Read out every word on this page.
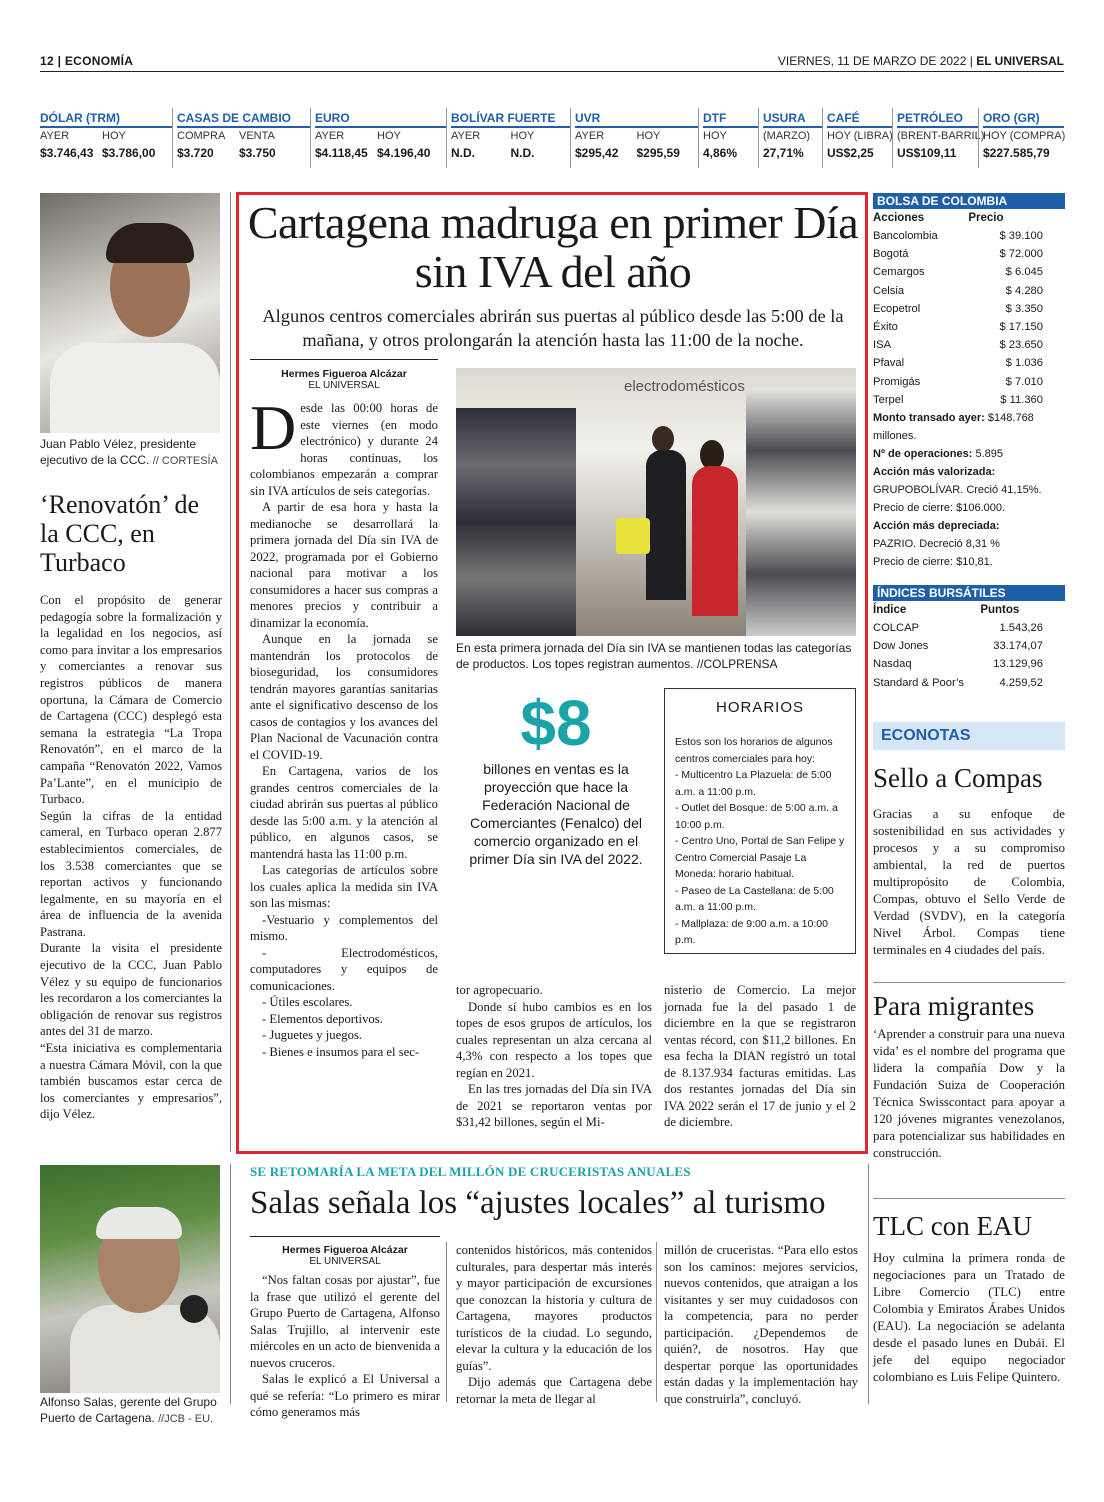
12 | ECONOMÍA	VIERNES, 11 DE MARZO DE 2022 | EL UNIVERSAL
DÓLAR (TRM)
AYER	HOY
$3.746,43 $3.786,00
CASAS DE CAMBIO
COMPRA	VENTA
$3.720	$3.750
EURO
AYER	HOY
$4.118,45 $4.196,40
BOLÍVAR FUERTE
AYER	HOY
N.D.	N.D.
UVR
AYER	HOY
$295,42	$295,59
DTF
HOY
4,86%
USURA
(MARZO)
27,71%
CAFÉ
HOY (LIBRA)
US$2,25
PETRÓLEO
(BRENT-BARRIL)
US$109,11
ORO (GR)
HOY (COMPRA)
$227.585,79
Juan Pablo Vélez, presidente ejecutivo de la CCC. // CORTESÍA
‘Renovatón’ de la CCC, en Turbaco

Con el propósito de generar pedagogía sobre la formalización y la legalidad en los negocios, así como para invitar a los empresarios y comerciantes a renovar sus registros públicos de manera oportuna, la Cámara de Comercio de Cartagena (CCC) desplegó esta semana la estrategia “La Tropa Renovatón”, en el marco de la campaña “Renovatón 2022, Vamos Pa’Lante”, en el municipio de Turbaco.

Según la cifras de la entidad cameral, en Turbaco operan 2.877 establecimientos comerciales, de los 3.538 comerciantes que se reportan activos y funcionando legalmente, en su mayoría en el área de influencia de la avenida Pastrana.

Durante la visita el presidente ejecutivo de la CCC, Juan Pablo Vélez y su equipo de funcionarios les recordaron a los comerciantes la obligación de renovar sus registros antes del 31 de marzo.

“Esta iniciativa es complementaria a nuestra Cámara Móvil, con la que también buscamos estar cerca de los comerciantes y empresarios”, dijo Vélez.

Alfonso Salas, gerente del Grupo Puerto de Cartagena. //JCB - EU.
Cartagena madruga en primer Día sin IVA del año
Algunos centros comerciales abrirán sus puertas al público desde las 5:00 de la mañana, y otros prolongarán la atención hasta las 11:00 de la noche.
Hermes Figueroa Alcázar
EL UNIVERSAL

Desde las 00:00 horas de este viernes (en modo electrónico) y durante 24 horas continuas, los colombianos empezarán a comprar sin IVA artículos de seis categorías.

A partir de esa hora y hasta la medianoche se desarrollará la primera jornada del Día sin IVA de 2022, programada por el Gobierno nacional para motivar a los consumidores a hacer sus compras a menores precios y contribuir a dinamizar la economía.

Aunque en la jornada se mantendrán los protocolos de bioseguridad, los consumidores tendrán mayores garantías sanitarias ante el significativo descenso de los casos de contagios y los avances del Plan Nacional de Vacunación contra el COVID-19.

En Cartagena, varios de los grandes centros comerciales de la ciudad abrirán sus puertas al público desde las 5:00 a.m. y la atención al público, en algunos casos, se mantendrá hasta las 11:00 p.m.

Las categorías de artículos sobre los cuales aplica la medida sin IVA son las mismas:

-Vestuario y complementos del mismo.

- Electrodomésticos, computadores y equipos de comunicaciones.

- Útiles escolares.

- Elementos deportivos.

- Juguetes y juegos.

- Bienes e insumos para el sec-

electrodomésticos
En esta primera jornada del Día sin IVA se mantienen todas las categorías de productos. Los topes registran aumentos. //COLPRENSA
$8
billones en ventas es la proyección que hace la Federación Nacional de Comerciantes (Fenalco) del comercio organizado en el primer Día sin IVA del 2022.
HORARIOS

Estos son los horarios de algunos centros comerciales para hoy:

- Multicentro La Plazuela: de 5:00 a.m. a 11:00 p.m.

- Outlet del Bosque: de 5:00 a.m. a 10:00 p.m.

- Centro Uno, Portal de San Felipe y Centro Comercial Pasaje La Moneda: horario habitual.

- Paseo de La Castellana: de 5:00 a.m. a 11:00 p.m.

- Mallplaza: de 9:00 a.m. a 10:00 p.m.

tor agropecuario.

Donde sí hubo cambios es en los topes de esos grupos de artículos, los cuales representan un alza cercana al 4,3% con respecto a los topes que regían en 2021.

En las tres jornadas del Día sin IVA de 2021 se reportaron ventas por $31,42 billones, según el Mi-

nisterio de Comercio. La mejor jornada fue la del pasado 1 de diciembre en la que se registraron ventas récord, con $11,2 billones. En esa fecha la DIAN registró un total de 8.137.934 facturas emitidas. Las dos restantes jornadas del Día sin IVA 2022 serán el 17 de junio y el 2 de diciembre.

BOLSA DE COLOMBIA
Acciones	Precio
Bancolombia	$ 39.100
Bogotá	$ 72.000
Cemargos	$ 6.045
Celsia	$ 4.280
Ecopetrol	$ 3.350
Éxito	$ 17.150
ISA	$ 23.650
Pfaval	$ 1.036
Promigás	$ 7.010
Terpel	$ 11.360
Monto transado ayer: $148.768 millones.
Nº de operaciones: 5.895
Acción más valorizada:
GRUPOBOLÍVAR. Creció 41,15%.
Precio de cierre: $106.000.
Acción más depreciada:
PAZRIO. Decreció 8,31 %
Precio de cierre: $10,81.
ÍNDICES BURSÁTILES
Índice	Puntos
COLCAP	1.543,26
Dow Jones	33.174,07
Nasdaq	13.129,96
Standard & Poor’s	4.259,52
ECONOTAS
Sello a Compas
Gracias a su enfoque de sostenibilidad en sus actividades y procesos y a su compromiso ambiental, la red de puertos multipropósito de Colombia, Compas, obtuvo el Sello Verde de Verdad (SVDV), en la categoría Nivel Árbol. Compas tiene terminales en 4 ciudades del país.
Para migrantes
‘Aprender a construir para una nueva vida’ es el nombre del programa que lidera la compañía Dow y la Fundación Suiza de Cooperación Técnica Swisscontact para apoyar a 120 jóvenes migrantes venezolanos, para potencializar sus habilidades en construcción.
TLC con EAU
Hoy culmina la primera ronda de negociaciones para un Tratado de Libre Comercio (TLC) entre Colombia y Emiratos Árabes Unidos (EAU). La negociación se adelanta desde el pasado lunes en Dubái. El jefe del equipo negociador colombiano es Luis Felipe Quintero.
SE RETOMARÍA LA META DEL MILLÓN DE CRUCERISTAS ANUALES
Salas señala los “ajustes locales” al turismo
Hermes Figueroa Alcázar
EL UNIVERSAL

“Nos faltan cosas por ajustar”, fue la frase que utilizó el gerente del Grupo Puerto de Cartagena, Alfonso Salas Trujillo, al intervenir este miércoles en un acto de bienvenida a nuevos cruceros.

Salas le explicó a El Universal a qué se refería: “Lo primero es mirar cómo generamos más

contenidos históricos, más contenidos culturales, para despertar más interés y mayor participación de excursiones que conozcan la historia y cultura de Cartagena, mayores productos turísticos de la ciudad. Lo segundo, elevar la cultura y la educación de los guías”.

Dijo además que Cartagena debe retornar la meta de llegar al

millón de cruceristas. “Para ello estos son los caminos: mejores servicios, nuevos contenidos, que atraigan a los visitantes y ser muy cuidadosos con la competencia, para no perder participación. ¿Dependemos de quién?, de nosotros. Hay que despertar porque las oportunidades están dadas y la implementación hay que construirla”, concluyó.
